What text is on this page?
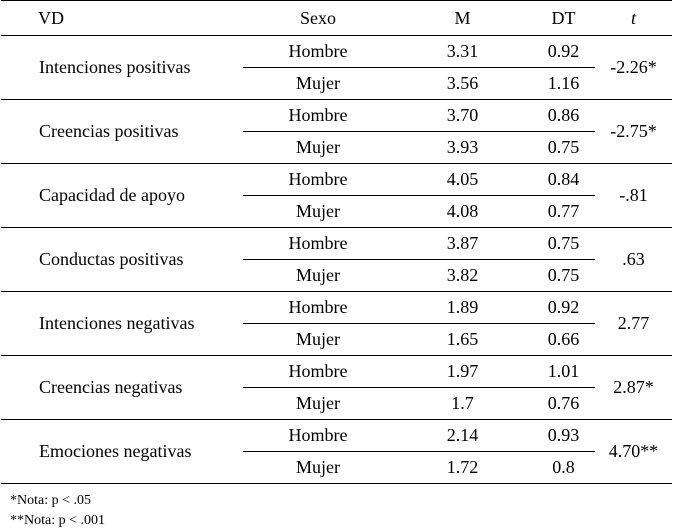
VD	Sexo	M	DT	t
Intenciones positivas	Hombre	3.31	0.92	-2.26*
	Mujer	3.56	1.16	
Creencias positivas	Hombre	3.70	0.86	-2.75*
	Mujer	3.93	0.75	
Capacidad de apoyo	Hombre	4.05	0.84	-.81
	Mujer	4.08	0.77	
Conductas positivas	Hombre	3.87	0.75	.63
	Mujer	3.82	0.75	
Intenciones negativas	Hombre	1.89	0.92	2.77
	Mujer	1.65	0.66	
Creencias negativas	Hombre	1.97	1.01	2.87*
	Mujer	1.7	0.76	
Emociones negativas	Hombre	2.14	0.93	4.70**
	Mujer	1.72	0.8	
*Nota: p < .05
**Nota: p < .001
